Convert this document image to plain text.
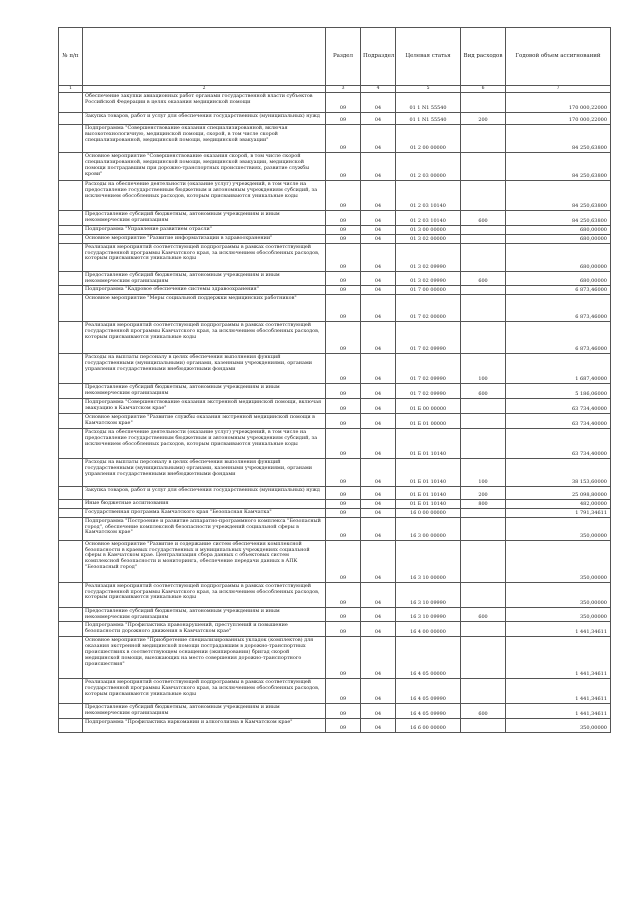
№ п/п		Раздел	Подраздел	Целевая статья	Вид расходов	Годовой объем ассигнований
1	2	3	4	5	6	7
	Обеспечение закупки авиационных работ органами государственной власти субъектов Российской Федерации в целях оказания медицинской помощи	09	04	01 1 N1 55540		170 000,22000
	Закупка товаров, работ и услуг для обеспечения государственных (муниципальных) нужд	09	04	01 1 N1 55540	200	170 000,22000
	Подпрограмма "Совершенствование оказания специализированной, включая высокотехнологичную, медицинской помощи, скорой, в том числе скорой специализированной, медицинской помощи, медицинской эвакуации"	09	04	01 2 00 00000		84 250,63800
	Основное мероприятие "Совершенствование оказания скорой, в том числе скорой специализированной, медицинской помощи, медицинской эвакуации, медицинской помощи пострадавшим при дорожно-транспортных происшествиях, развитие службы крови"	09	04	01 2 03 00000		84 250,63800
	Расходы на обеспечение деятельности (оказание услуг) учреждений, в том числе на предоставление государственным бюджетным и автономным учреждениям субсидий, за исключением обособленных расходов, которым присваиваются уникальные коды	09	04	01 2 03 10140		84 250,63800
	Предоставление субсидий бюджетным, автономным учреждениям и иным некоммерческим организациям	09	04	01 2 03 10140	600	84 250,63800
	Подпрограмма "Управление развитием отрасли"	09	04	01 3 00 00000		680,00000
	Основное мероприятие "Развитие информатизации в здравоохранении"	09	04	01 3 02 00000		680,00000
	Реализация мероприятий соответствующей подпрограммы в рамках соответствующей государственной программы Камчатского края, за исключением обособленных расходов, которым присваиваются уникальные коды	09	04	01 3 02 09990		680,00000
	Предоставление субсидий бюджетным, автономным учреждениям и иным некоммерческим организациям	09	04	01 3 02 09990	600	680,00000
	Подпрограмма "Кадровое обеспечение системы здравоохранения"	09	04	01 7 00 00000		6 873,46000
	Основное мероприятие "Меры социальной поддержки медицинских работников"	09	04	01 7 02 00000		6 873,46000
	Реализация мероприятий соответствующей подпрограммы в рамках соответствующей государственной программы Камчатского края, за исключением обособленных расходов, которым присваиваются уникальные коды	09	04	01 7 02 09990		6 873,46000
	Расходы на выплаты персоналу в целях обеспечения выполнения функций государственными (муниципальными) органами, казенными учреждениями, органами управления государственными внебюджетными фондами	09	04	01 7 02 09990	100	1 687,40000
	Предоставление субсидий бюджетным, автономным учреждениям и иным некоммерческим организациям	09	04	01 7 02 09990	600	5 186,06000
	Подпрограмма "Совершенствование оказания экстренной медицинской помощи, включая эвакуацию в Камчатском крае"	09	04	01 Б 00 00000		63 734,40000
	Основное мероприятие "Развитие службы оказания экстренной медицинской помощи в Камчатском крае"	09	04	01 Б 01 00000		63 734,40000
	Расходы на обеспечение деятельности (оказание услуг) учреждений, в том числе на предоставление государственным бюджетным и автономным учреждениям субсидий, за исключением обособленных расходов, которым присваиваются уникальные коды	09	04	01 Б 01 10140		63 734,40000
	Расходы на выплаты персоналу в целях обеспечения выполнения функций государственными (муниципальными) органами, казенными учреждениями, органами управления государственными внебюджетными фондами	09	04	01 Б 01 10140	100	38 153,60000
	Закупка товаров, работ и услуг для обеспечения государственных (муниципальных) нужд	09	04	01 Б 01 10140	200	25 098,80000
	Иные бюджетные ассигнования	09	04	01 Б 01 10140	800	482,00000
	Государственная программа Камчатского края "Безопасная Камчатка"	09	04	16 0 00 00000		1 791,34611
	Подпрограмма "Построение и развитие аппаратно-программного комплекса "Безопасный город", обеспечение комплексной безопасности учреждений социальной сферы в Камчатском крае"	09	04	16 3 00 00000		350,00000
	Основное мероприятие "Развитие и содержание систем обеспечения комплексной безопасности в краевых государственных и муниципальных учреждениях социальной сферы в Камчатском крае. Централизация сбора данных с объектовых систем комплексной безопасности и мониторинга, обеспечение передачи данных в АПК "Безопасный город"	09	04	16 3 10 00000		350,00000
	Реализация мероприятий соответствующей подпрограммы в рамках соответствующей государственной программы Камчатского края, за исключением обособленных расходов, которым присваиваются уникальные коды	09	04	16 3 10 09990		350,00000
	Предоставление субсидий бюджетным, автономным учреждениям и иным некоммерческим организациям	09	04	16 3 10 09990	600	350,00000
	Подпрограмма "Профилактика правонарушений, преступлений и повышение безопасности дорожного движения в Камчатском крае"	09	04	16 4 00 00000		1 441,34611
	Основное мероприятие "Приобретение специализированных укладок (комплектов) для оказания экстренной медицинской помощи пострадавшим в дорожно-транспортных происшествиях в соответствующем оснащении (экипировании) бригад скорой медицинской помощи, выезжающих на место совершения дорожно-транспортного происшествия"	09	04	16 4 05 00000		1 441,34611
	Реализация мероприятий соответствующей подпрограммы в рамках соответствующей государственной программы Камчатского края, за исключением обособленных расходов, которым присваиваются уникальные коды	09	04	16 4 05 09990		1 441,34611
	Предоставление субсидий бюджетным, автономным учреждениям и иным некоммерческим организациям	09	04	16 4 05 09990	600	1 441,34611
	Подпрограмма "Профилактика наркомании и алкоголизма в Камчатском крае"	09	04	16 6 00 00000		350,00000
